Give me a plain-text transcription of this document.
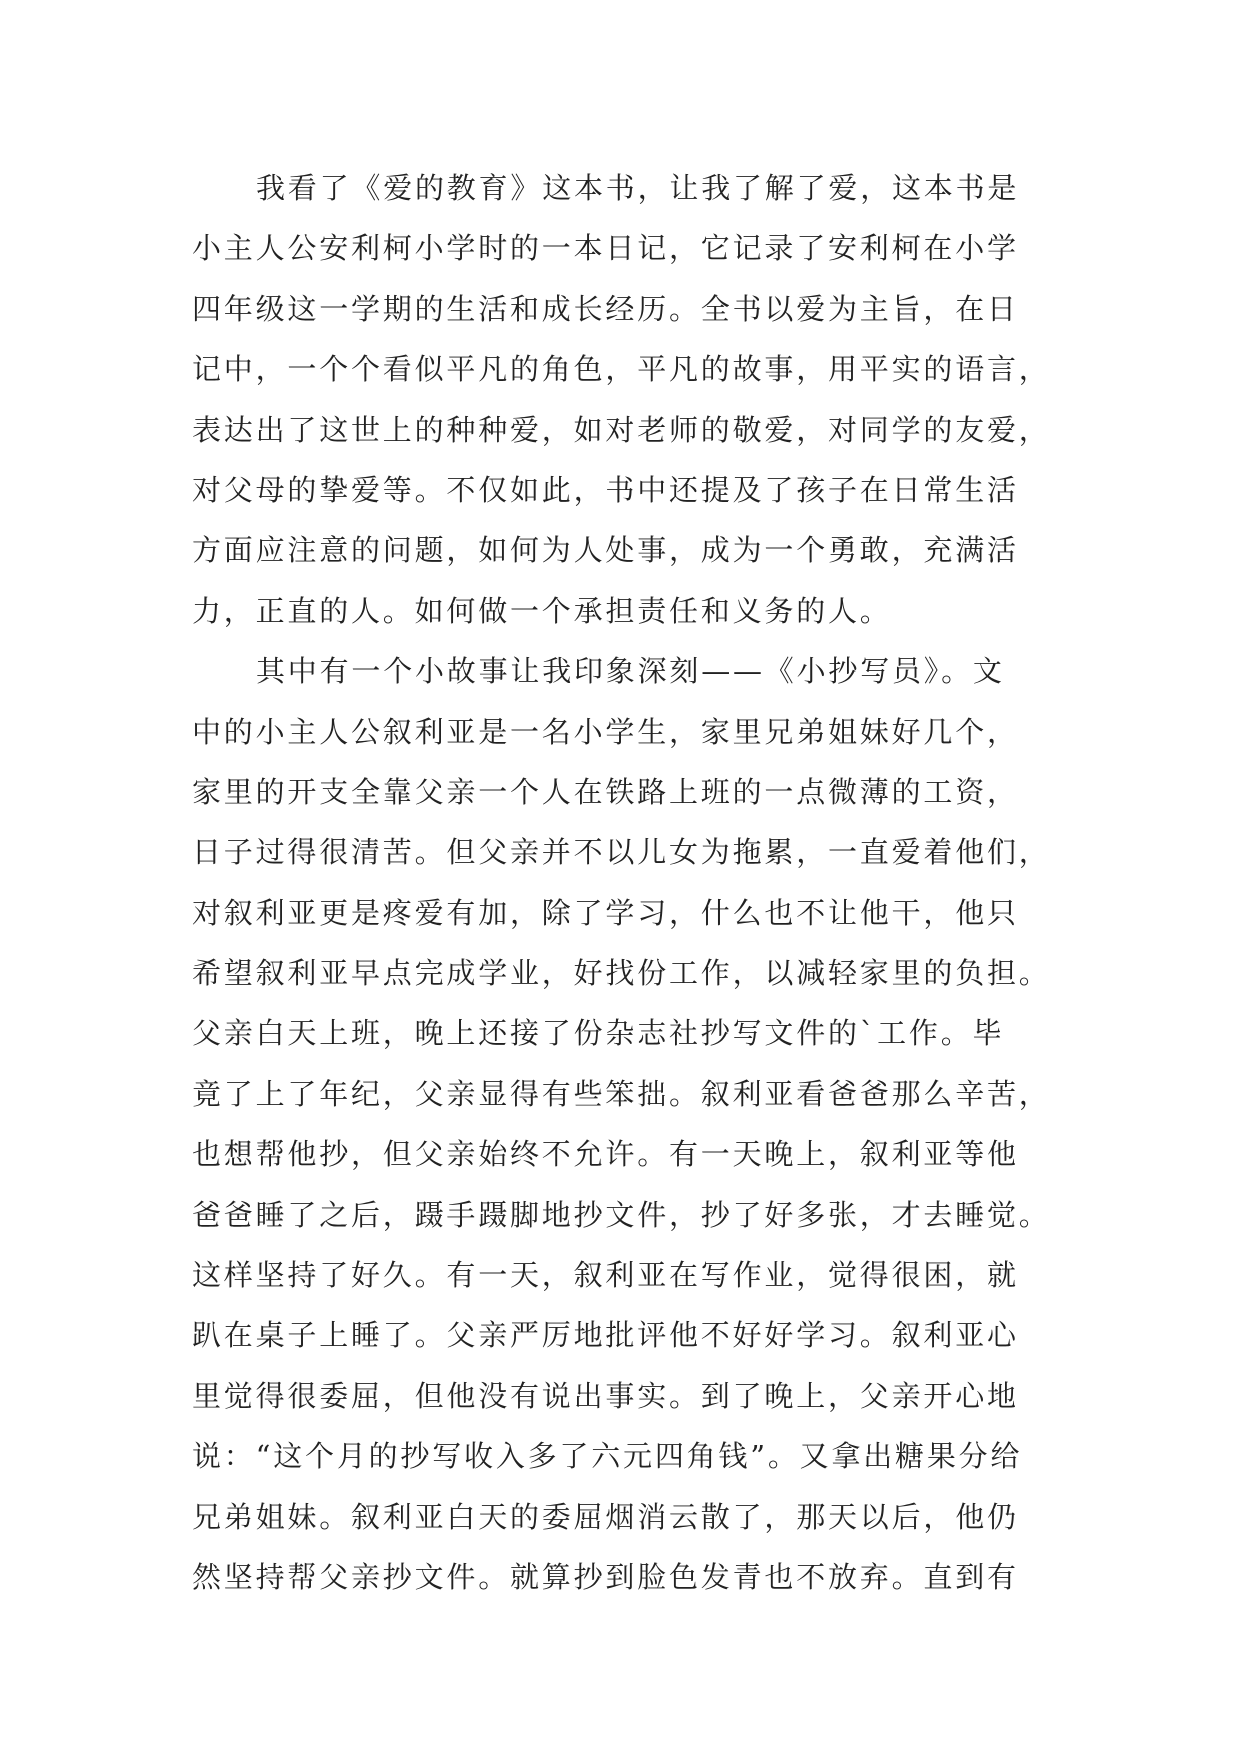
我看了《爱的教育》这本书，让我了解了爱，这本书是
小主人公安利柯小学时的一本日记，它记录了安利柯在小学
四年级这一学期的生活和成长经历。全书以爱为主旨，在日
记中，一个个看似平凡的角色，平凡的故事，用平实的语言，
表达出了这世上的种种爱，如对老师的敬爱，对同学的友爱，
对父母的挚爱等。不仅如此，书中还提及了孩子在日常生活
方面应注意的问题，如何为人处事，成为一个勇敢，充满活
力，正直的人。如何做一个承担责任和义务的人。
其中有一个小故事让我印象深刻——《小抄写员》。文
中的小主人公叙利亚是一名小学生，家里兄弟姐妹好几个，
家里的开支全靠父亲一个人在铁路上班的一点微薄的工资，
日子过得很清苦。但父亲并不以儿女为拖累，一直爱着他们，
对叙利亚更是疼爱有加，除了学习，什么也不让他干，他只
希望叙利亚早点完成学业，好找份工作，以减轻家里的负担。
父亲白天上班，晚上还接了份杂志社抄写文件的`工作。毕
竟了上了年纪，父亲显得有些笨拙。叙利亚看爸爸那么辛苦，
也想帮他抄，但父亲始终不允许。有一天晚上，叙利亚等他
爸爸睡了之后，蹑手蹑脚地抄文件，抄了好多张，才去睡觉。
这样坚持了好久。有一天，叙利亚在写作业，觉得很困，就
趴在桌子上睡了。父亲严厉地批评他不好好学习。叙利亚心
里觉得很委屈，但他没有说出事实。到了晚上，父亲开心地
说：“这个月的抄写收入多了六元四角钱”。又拿出糖果分给
兄弟姐妹。叙利亚白天的委屈烟消云散了，那天以后，他仍
然坚持帮父亲抄文件。就算抄到脸色发青也不放弃。直到有
